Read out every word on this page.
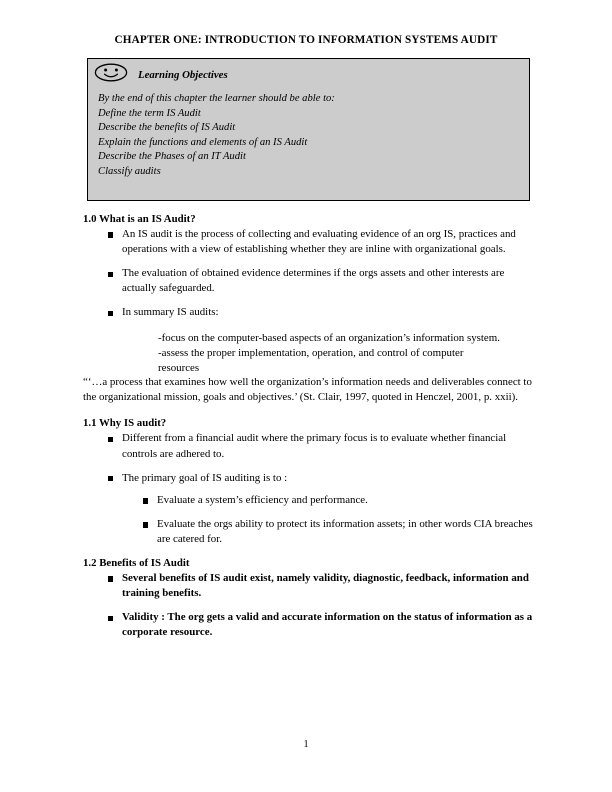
CHAPTER ONE: INTRODUCTION TO INFORMATION SYSTEMS AUDIT
Learning Objectives
By the end of this chapter the learner should be able to:
Define the term IS Audit
Describe the benefits of IS Audit
Explain the functions and elements of an IS Audit
Describe the Phases of an IT Audit
Classify audits
1.0 What is an IS Audit?
An IS audit is the process of collecting and evaluating evidence of an org IS, practices and operations with a view of establishing whether they are inline with organizational goals.
The evaluation of obtained evidence determines if the orgs assets and other interests are actually safeguarded.
In summary IS audits:
-focus on the computer-based aspects of an organization’s information system.
-assess the proper implementation, operation, and control of computer
resources

“‘…a process that examines how well the organization’s information needs and deliverables connect to the organizational mission, goals and objectives.’ (St. Clair, 1997, quoted in Henczel, 2001, p. xxii).

1.1 Why IS audit?
Different from a financial audit where the primary focus is to evaluate whether financial controls are adhered to.
The primary goal of IS auditing is to :
Evaluate a system’s efficiency and performance.
Evaluate the orgs ability to protect its information assets; in other words CIA breaches are catered for.
1.2 Benefits of IS Audit
Several benefits of IS audit exist, namely validity, diagnostic, feedback, information and training benefits.
Validity : The org gets a valid and accurate information on the status of information as a corporate resource.
1
